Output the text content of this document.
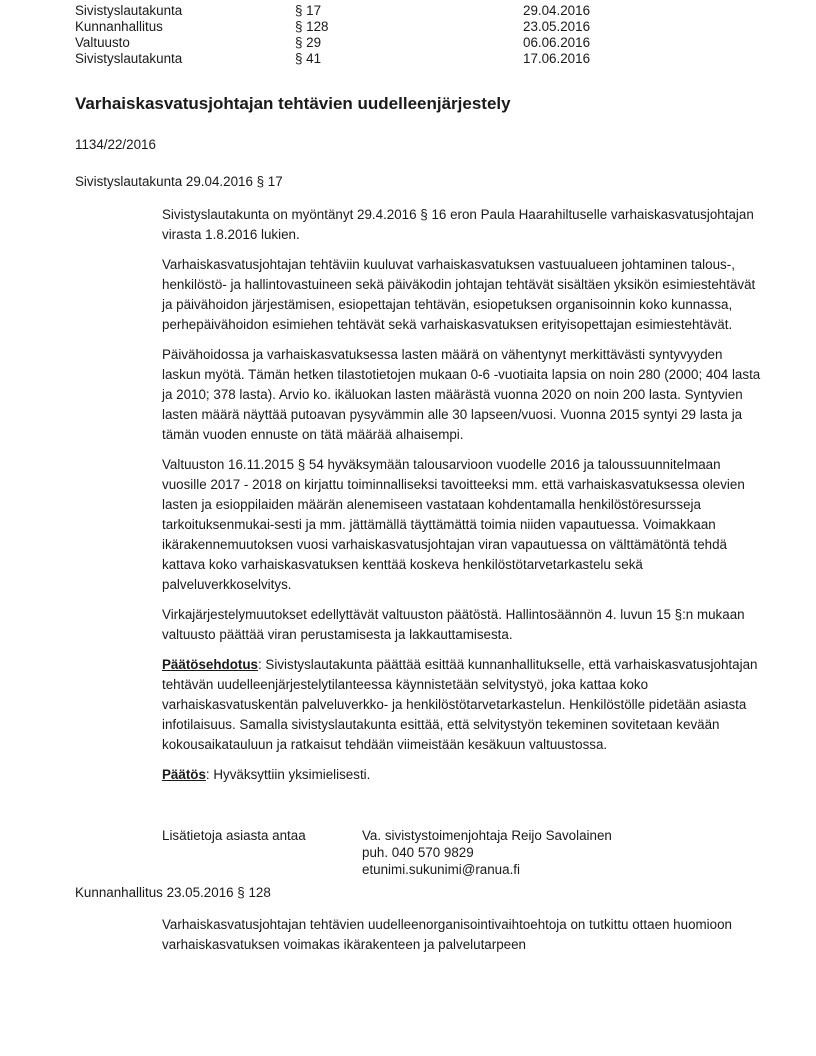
Sivistyslautakunta	§ 17	29.04.2016
Kunnanhallitus	§ 128	23.05.2016
Valtuusto	§ 29	06.06.2016
Sivistyslautakunta	§ 41	17.06.2016
Varhaiskasvatusjohtajan tehtävien uudelleenjärjestely
1134/22/2016
Sivistyslautakunta 29.04.2016 § 17

Sivistyslautakunta on myöntänyt 29.4.2016 § 16 eron Paula Haarahiltuselle varhaiskasvatusjohtajan virasta 1.8.2016 lukien.

Varhaiskasvatusjohtajan tehtäviin kuuluvat varhaiskasvatuksen vastuualueen johtaminen talous-, henkilöstö- ja hallintovastuineen sekä päiväkodin johtajan tehtävät sisältäen yksikön esimiestehtävät ja päivähoidon järjestämisen, esiopettajan tehtävän, esiopetuksen organisoinnin koko kunnassa, perhepäivähoidon esimiehen tehtävät sekä varhaiskasvatuksen erityisopettajan esimiestehtävät.

Päivähoidossa ja varhaiskasvatuksessa lasten määrä on vähentynyt merkittävästi syntyvyyden laskun myötä. Tämän hetken tilastotietojen mukaan 0-6 -vuotiaita lapsia on noin 280 (2000; 404 lasta ja 2010; 378 lasta). Arvio ko. ikäluokan lasten määrästä vuonna 2020 on noin 200 lasta. Syntyvien lasten määrä näyttää putoavan pysyvämmin alle 30 lapseen/vuosi. Vuonna 2015 syntyi 29 lasta ja tämän vuoden ennuste on tätä määrää alhaisempi.

Valtuuston 16.11.2015 § 54 hyväksymään talousarvioon vuodelle 2016 ja taloussuunnitelmaan vuosille 2017 - 2018 on kirjattu toiminnalliseksi tavoitteeksi mm. että varhaiskasvatuksessa olevien lasten ja esioppilaiden määrän alenemiseen vastataan kohdentamalla henkilöstöresursseja tarkoituksenmukai-sesti ja mm. jättämällä täyttämättä toimia niiden vapautuessa. Voimakkaan ikärakennemuutoksen vuosi varhaiskasvatusjohtajan viran vapautuessa on välttämätöntä tehdä kattava koko varhaiskasvatuksen kenttää koskeva henkilöstötarvetarkastelu sekä palveluverkkoselvitys.

Virkajärjestelymuutokset edellyttävät valtuuston päätöstä. Hallintosäännön 4. luvun 15 §:n mukaan valtuusto päättää viran perustamisesta ja lakkauttamisesta.

Päätösehdotus: Sivistyslautakunta päättää esittää kunnanhallitukselle, että varhaiskasvatusjohtajan tehtävän uudelleenjärjestelytilanteessa käynnistetään selvitystyö, joka kattaa koko varhaiskasvatuskentän palveluverkko- ja henkilöstötarvetarkastelun. Henkilöstölle pidetään asiasta infotilaisuus. Samalla sivistyslautakunta esittää, että selvitystyön tekeminen sovitetaan kevään kokousaikatauluun ja ratkaisut tehdään viimeistään kesäkuun valtuustossa.

Päätös: Hyväksyttiin yksimielisesti.

Lisätietoja asiasta antaa	Va. sivistystoimenjohtaja Reijo Savolainen
puh. 040 570 9829
etunimi.sukunimi@ranua.fi
Kunnanhallitus 23.05.2016 § 128

Varhaiskasvatusjohtajan tehtävien uudelleenorganisointivaihtoehtoja on tutkittu ottaen huomioon varhaiskasvatuksen voimakas ikärakenteen ja palvelutarpeen
